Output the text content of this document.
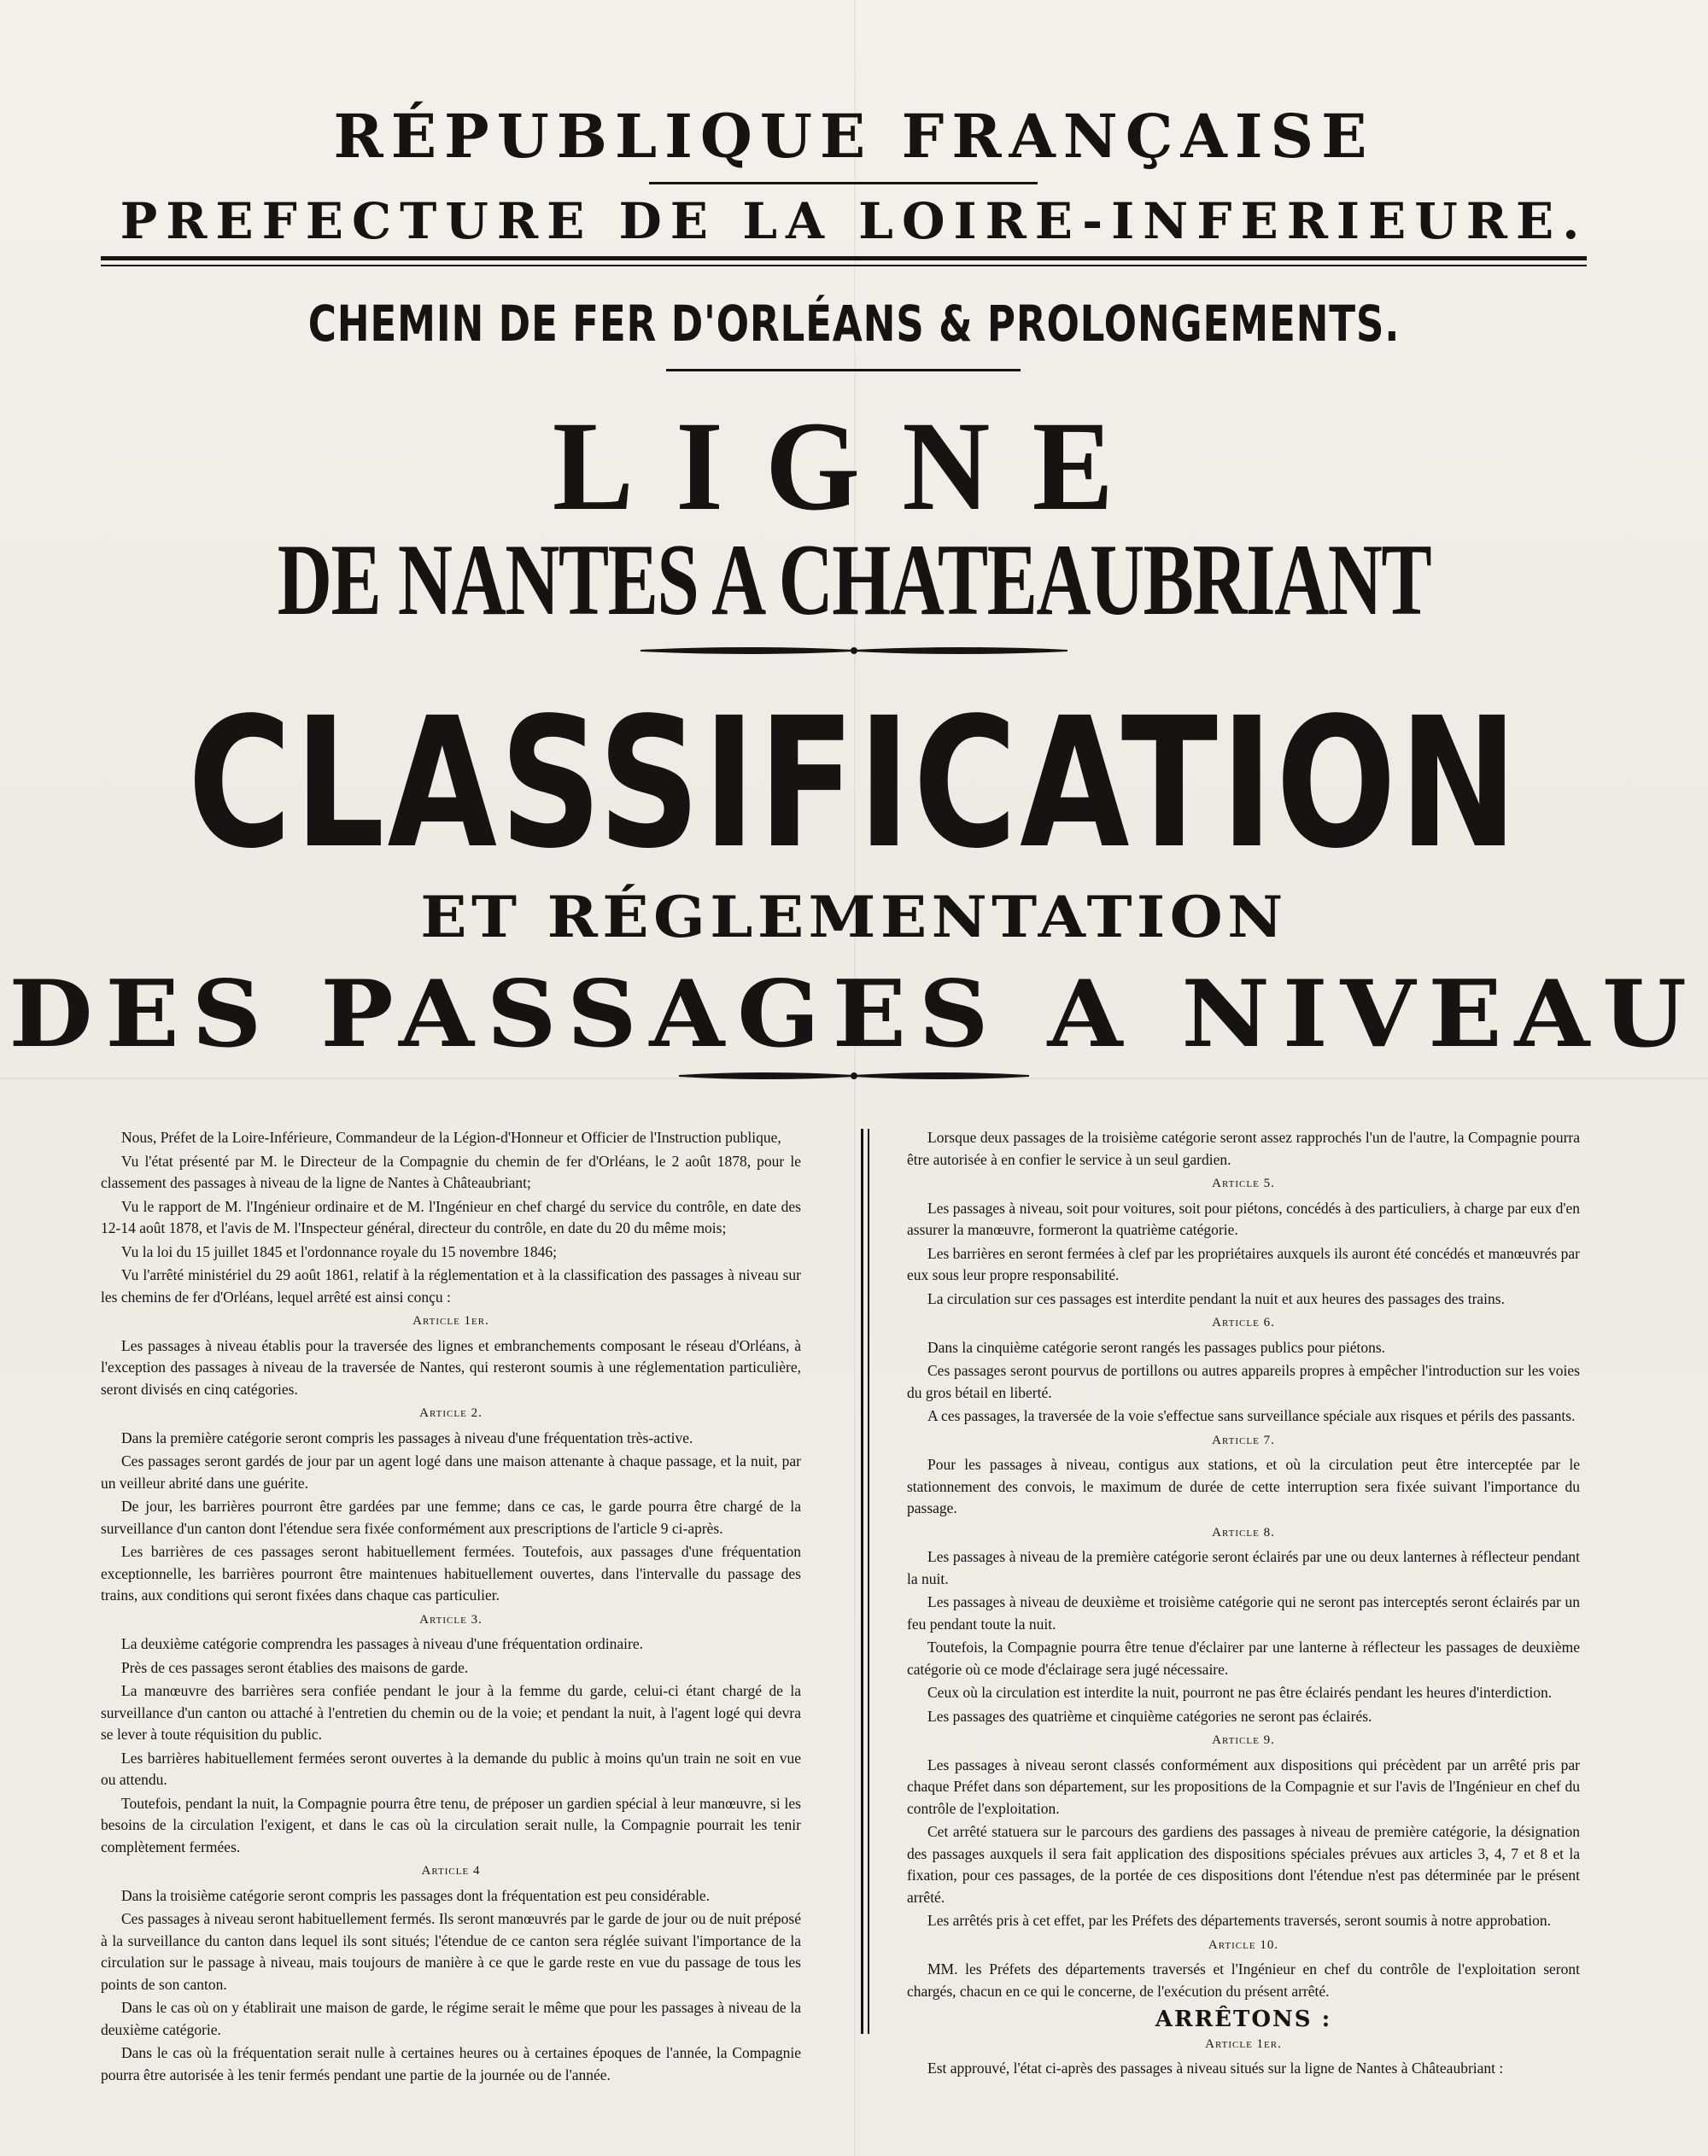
RÉPUBLIQUE FRANÇAISE
PREFECTURE DE LA LOIRE-INFERIEURE.
CHEMIN DE FER D'ORLÉANS & PROLONGEMENTS.
LIGNE
DE NANTES A CHATEAUBRIANT
CLASSIFICATION
ET RÉGLEMENTATION
DES PASSAGES A NIVEAU

Nous, Préfet de la Loire-Inférieure, Commandeur de la Légion-d'Honneur et Officier de l'Instruction publique,

Vu l'état présenté par M. le Directeur de la Compagnie du chemin de fer d'Orléans, le 2 août 1878, pour le classement des passages à niveau de la ligne de Nantes à Châteaubriant;

Vu le rapport de M. l'Ingénieur ordinaire et de M. l'Ingénieur en chef chargé du service du contrôle, en date des 12-14 août 1878, et l'avis de M. l'Inspecteur général, directeur du contrôle, en date du 20 du même mois;

Vu la loi du 15 juillet 1845 et l'ordonnance royale du 15 novembre 1846;

Vu l'arrêté ministériel du 29 août 1861, relatif à la réglementation et à la classification des passages à niveau sur les chemins de fer d'Orléans, lequel arrêté est ainsi conçu :

Article 1er.

Les passages à niveau établis pour la traversée des lignes et embranchements composant le réseau d'Orléans, à l'exception des passages à niveau de la traversée de Nantes, qui resteront soumis à une réglementation particulière, seront divisés en cinq catégories.

Article 2.

Dans la première catégorie seront compris les passages à niveau d'une fréquentation très-active.

Ces passages seront gardés de jour par un agent logé dans une maison attenante à chaque passage, et la nuit, par un veilleur abrité dans une guérite.

De jour, les barrières pourront être gardées par une femme; dans ce cas, le garde pourra être chargé de la surveillance d'un canton dont l'étendue sera fixée conformément aux prescriptions de l'article 9 ci-après.

Les barrières de ces passages seront habituellement fermées. Toutefois, aux passages d'une fréquentation exceptionnelle, les barrières pourront être maintenues habituellement ouvertes, dans l'intervalle du passage des trains, aux conditions qui seront fixées dans chaque cas particulier.

Article 3.

La deuxième catégorie comprendra les passages à niveau d'une fréquentation ordinaire.

Près de ces passages seront établies des maisons de garde.

La manœuvre des barrières sera confiée pendant le jour à la femme du garde, celui-ci étant chargé de la surveillance d'un canton ou attaché à l'entretien du chemin ou de la voie; et pendant la nuit, à l'agent logé qui devra se lever à toute réquisition du public.

Les barrières habituellement fermées seront ouvertes à la demande du public à moins qu'un train ne soit en vue ou attendu.

Toutefois, pendant la nuit, la Compagnie pourra être tenu, de préposer un gardien spécial à leur manœuvre, si les besoins de la circulation l'exigent, et dans le cas où la circulation serait nulle, la Compagnie pourrait les tenir complètement fermées.

Article 4

Dans la troisième catégorie seront compris les passages dont la fréquentation est peu considérable.

Ces passages à niveau seront habituellement fermés. Ils seront manœuvrés par le garde de jour ou de nuit préposé à la surveillance du canton dans lequel ils sont situés; l'étendue de ce canton sera réglée suivant l'importance de la circulation sur le passage à niveau, mais toujours de manière à ce que le garde reste en vue du passage de tous les points de son canton.

Dans le cas où on y établirait une maison de garde, le régime serait le même que pour les passages à niveau de la deuxième catégorie.

Dans le cas où la fréquentation serait nulle à certaines heures ou à certaines époques de l'année, la Compagnie pourra être autorisée à les tenir fermés pendant une partie de la journée ou de l'année.

Lorsque deux passages de la troisième catégorie seront assez rapprochés l'un de l'autre, la Compagnie pourra être autorisée à en confier le service à un seul gardien.

Article 5.

Les passages à niveau, soit pour voitures, soit pour piétons, concédés à des particuliers, à charge par eux d'en assurer la manœuvre, formeront la quatrième catégorie.

Les barrières en seront fermées à clef par les propriétaires auxquels ils auront été concédés et manœuvrés par eux sous leur propre responsabilité.

La circulation sur ces passages est interdite pendant la nuit et aux heures des passages des trains.

Article 6.

Dans la cinquième catégorie seront rangés les passages publics pour piétons.

Ces passages seront pourvus de portillons ou autres appareils propres à empêcher l'introduction sur les voies du gros bétail en liberté.

A ces passages, la traversée de la voie s'effectue sans surveillance spéciale aux risques et périls des passants.

Article 7.

Pour les passages à niveau, contigus aux stations, et où la circulation peut être interceptée par le stationnement des convois, le maximum de durée de cette interruption sera fixée suivant l'importance du passage.

Article 8.

Les passages à niveau de la première catégorie seront éclairés par une ou deux lanternes à réflecteur pendant la nuit.

Les passages à niveau de deuxième et troisième catégorie qui ne seront pas interceptés seront éclairés par un feu pendant toute la nuit.

Toutefois, la Compagnie pourra être tenue d'éclairer par une lanterne à réflecteur les passages de deuxième catégorie où ce mode d'éclairage sera jugé nécessaire.

Ceux où la circulation est interdite la nuit, pourront ne pas être éclairés pendant les heures d'interdiction.

Les passages des quatrième et cinquième catégories ne seront pas éclairés.

Article 9.

Les passages à niveau seront classés conformément aux dispositions qui précèdent par un arrêté pris par chaque Préfet dans son département, sur les propositions de la Compagnie et sur l'avis de l'Ingénieur en chef du contrôle de l'exploitation.

Cet arrêté statuera sur le parcours des gardiens des passages à niveau de première catégorie, la désignation des passages auxquels il sera fait application des dispositions spéciales prévues aux articles 3, 4, 7 et 8 et la fixation, pour ces passages, de la portée de ces dispositions dont l'étendue n'est pas déterminée par le présent arrêté.

Les arrêtés pris à cet effet, par les Préfets des départements traversés, seront soumis à notre approbation.

Article 10.

MM. les Préfets des départements traversés et l'Ingénieur en chef du contrôle de l'exploitation seront chargés, chacun en ce qui le concerne, de l'exécution du présent arrêté.

ARRÊTONS :

Article 1er.

Est approuvé, l'état ci-après des passages à niveau situés sur la ligne de Nantes à Châteaubriant :
